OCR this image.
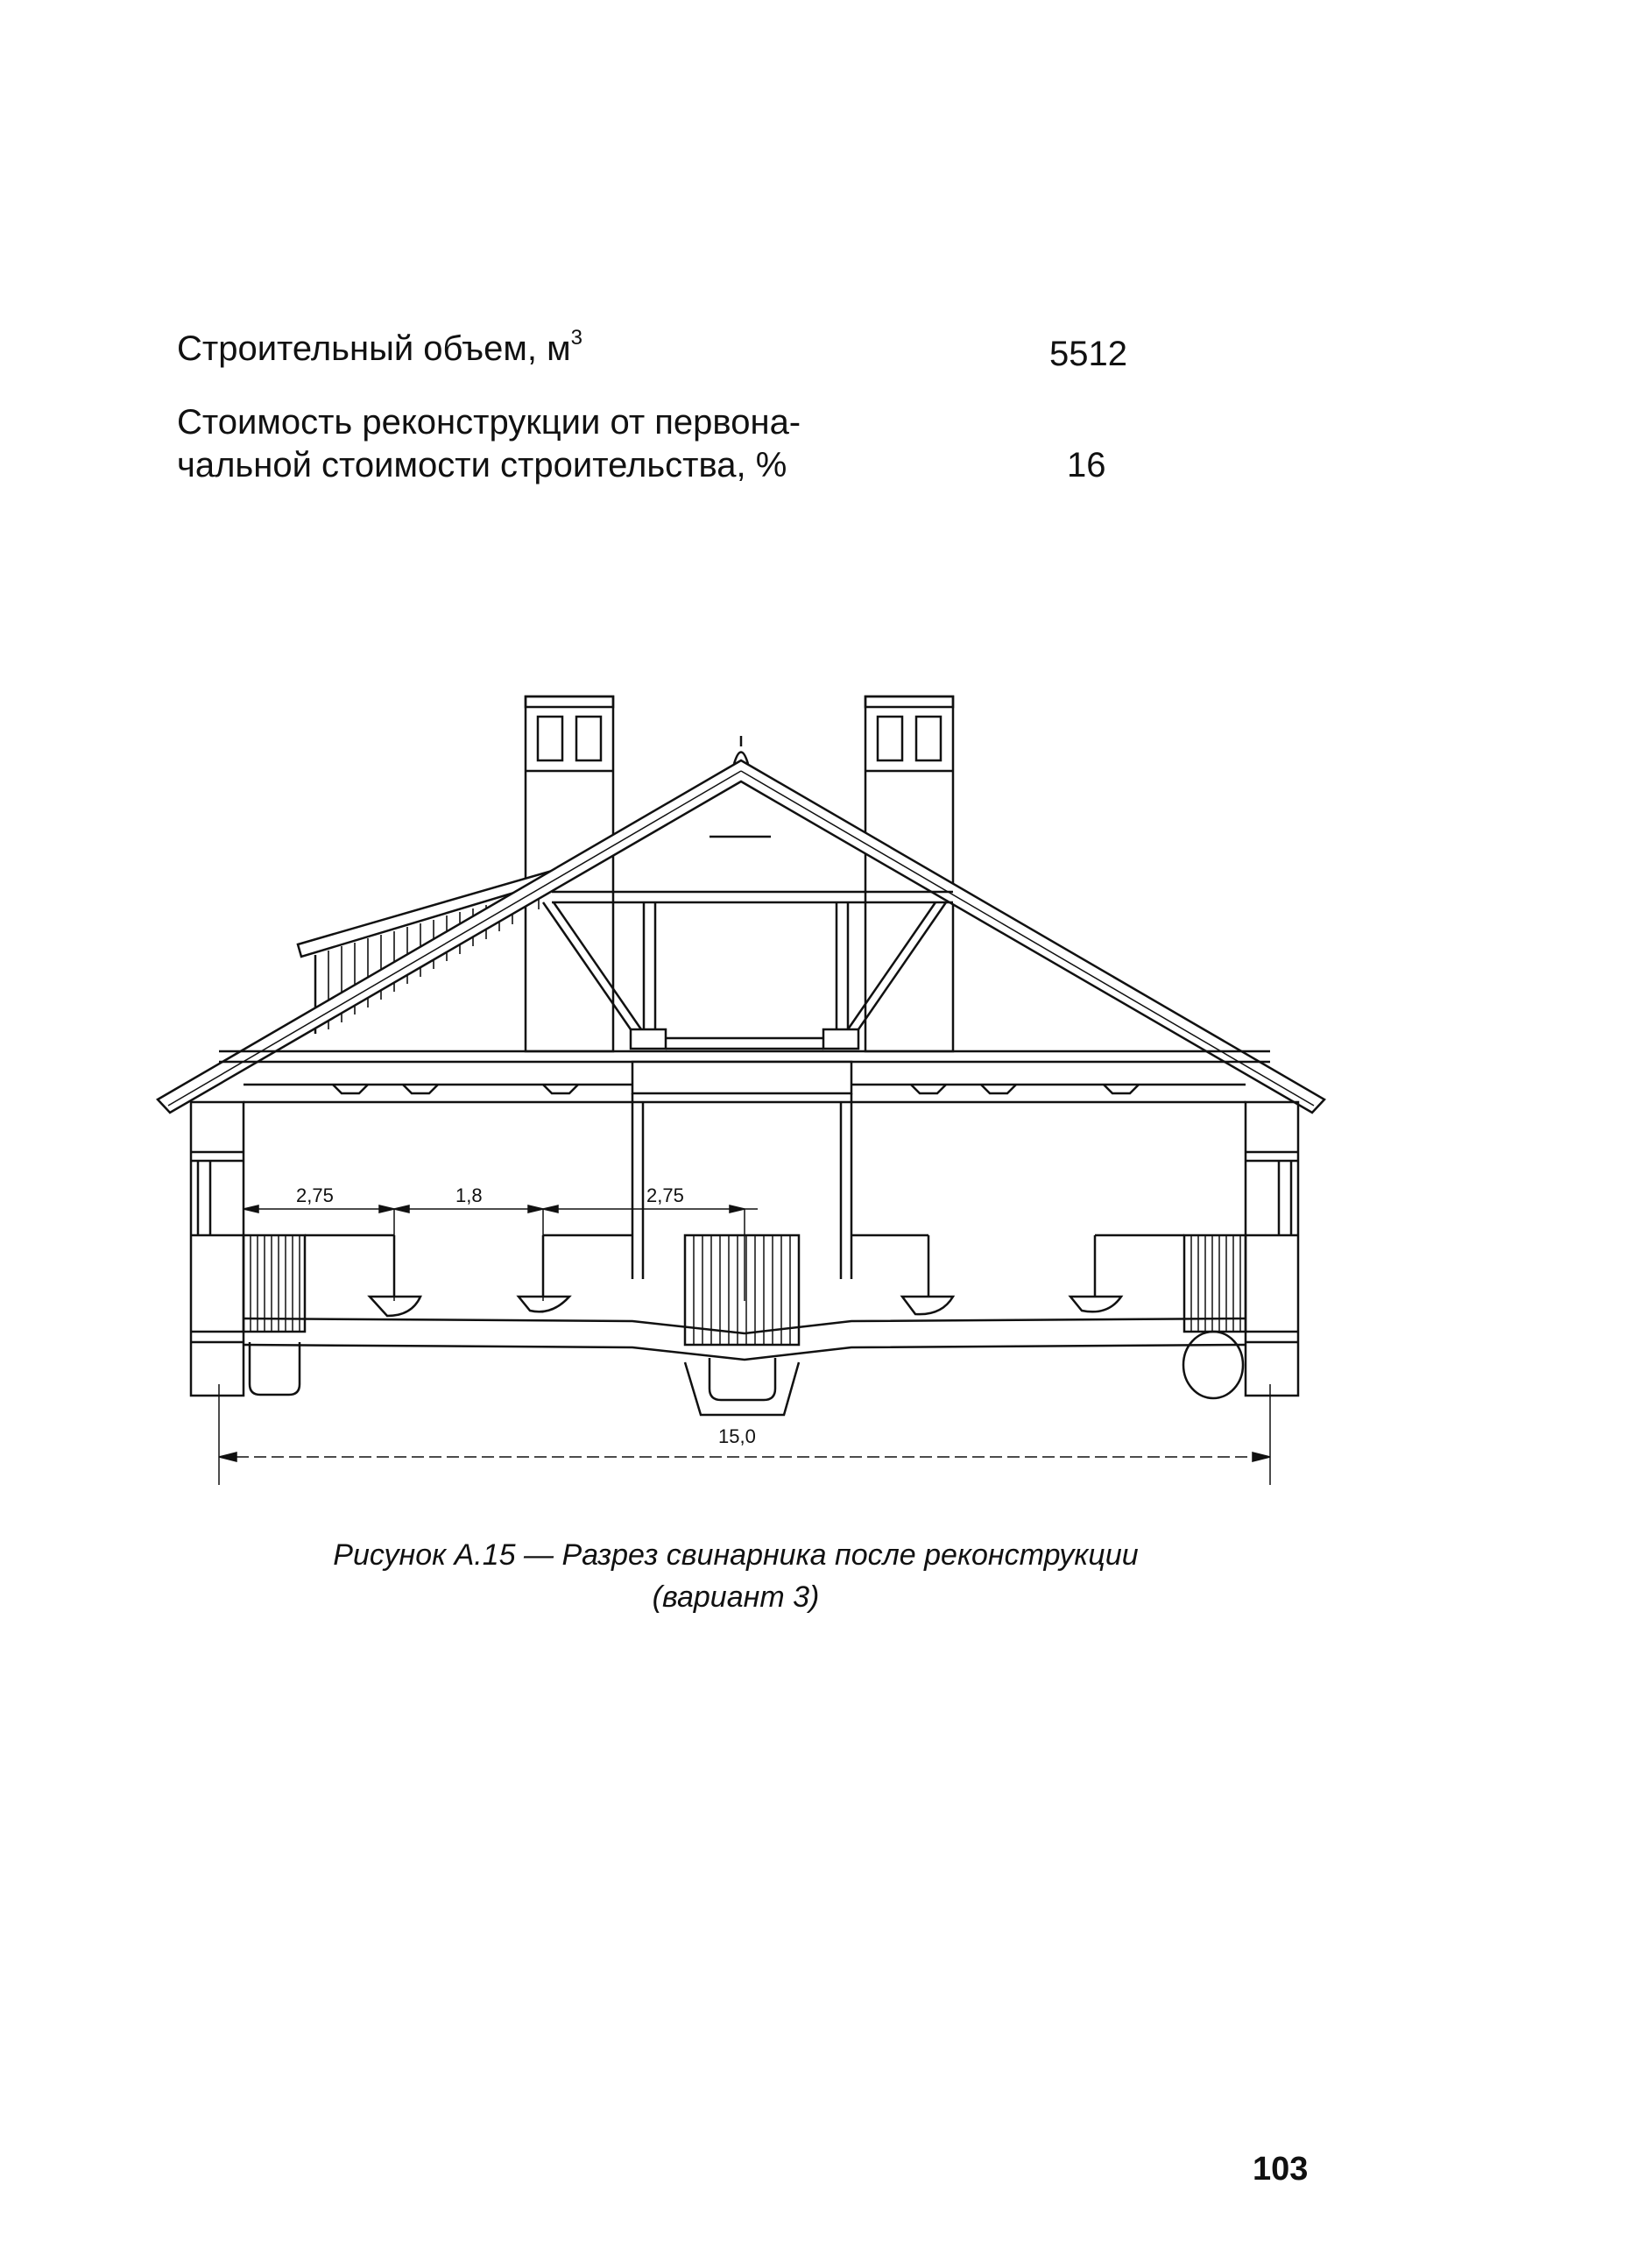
Строительный объем, $м^3$	5512
Стоимость реконструкции от первона-
чальной стоимости строительства, %	16
2,75	1,8	2,75
15,0
Рисунок А.15 — Разрез свинарника после реконструкции
(вариант 3)
103
